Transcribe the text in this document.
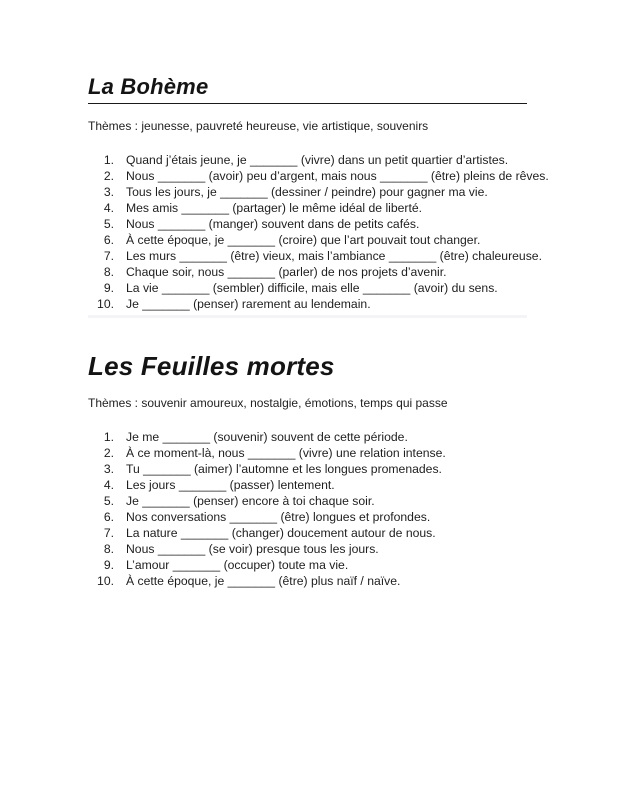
La Bohème

Thèmes : jeunesse, pauvreté heureuse, vie artistique, souvenirs

1. Quand j’étais jeune, je _______ (vivre) dans un petit quartier d’artistes.
2. Nous _______ (avoir) peu d’argent, mais nous _______ (être) pleins de rêves.
3. Tous les jours, je _______ (dessiner / peindre) pour gagner ma vie.
4. Mes amis _______ (partager) le même idéal de liberté.
5. Nous _______ (manger) souvent dans de petits cafés.
6. À cette époque, je _______ (croire) que l’art pouvait tout changer.
7. Les murs _______ (être) vieux, mais l’ambiance _______ (être) chaleureuse.
8. Chaque soir, nous _______ (parler) de nos projets d’avenir.
9. La vie _______ (sembler) difficile, mais elle _______ (avoir) du sens.
10. Je _______ (penser) rarement au lendemain.
Les Feuilles mortes

Thèmes : souvenir amoureux, nostalgie, émotions, temps qui passe

1. Je me _______ (souvenir) souvent de cette période.
2. À ce moment-là, nous _______ (vivre) une relation intense.
3. Tu _______ (aimer) l’automne et les longues promenades.
4. Les jours _______ (passer) lentement.
5. Je _______ (penser) encore à toi chaque soir.
6. Nos conversations _______ (être) longues et profondes.
7. La nature _______ (changer) doucement autour de nous.
8. Nous _______ (se voir) presque tous les jours.
9. L’amour _______ (occuper) toute ma vie.
10. À cette époque, je _______ (être) plus naïf / naïve.
